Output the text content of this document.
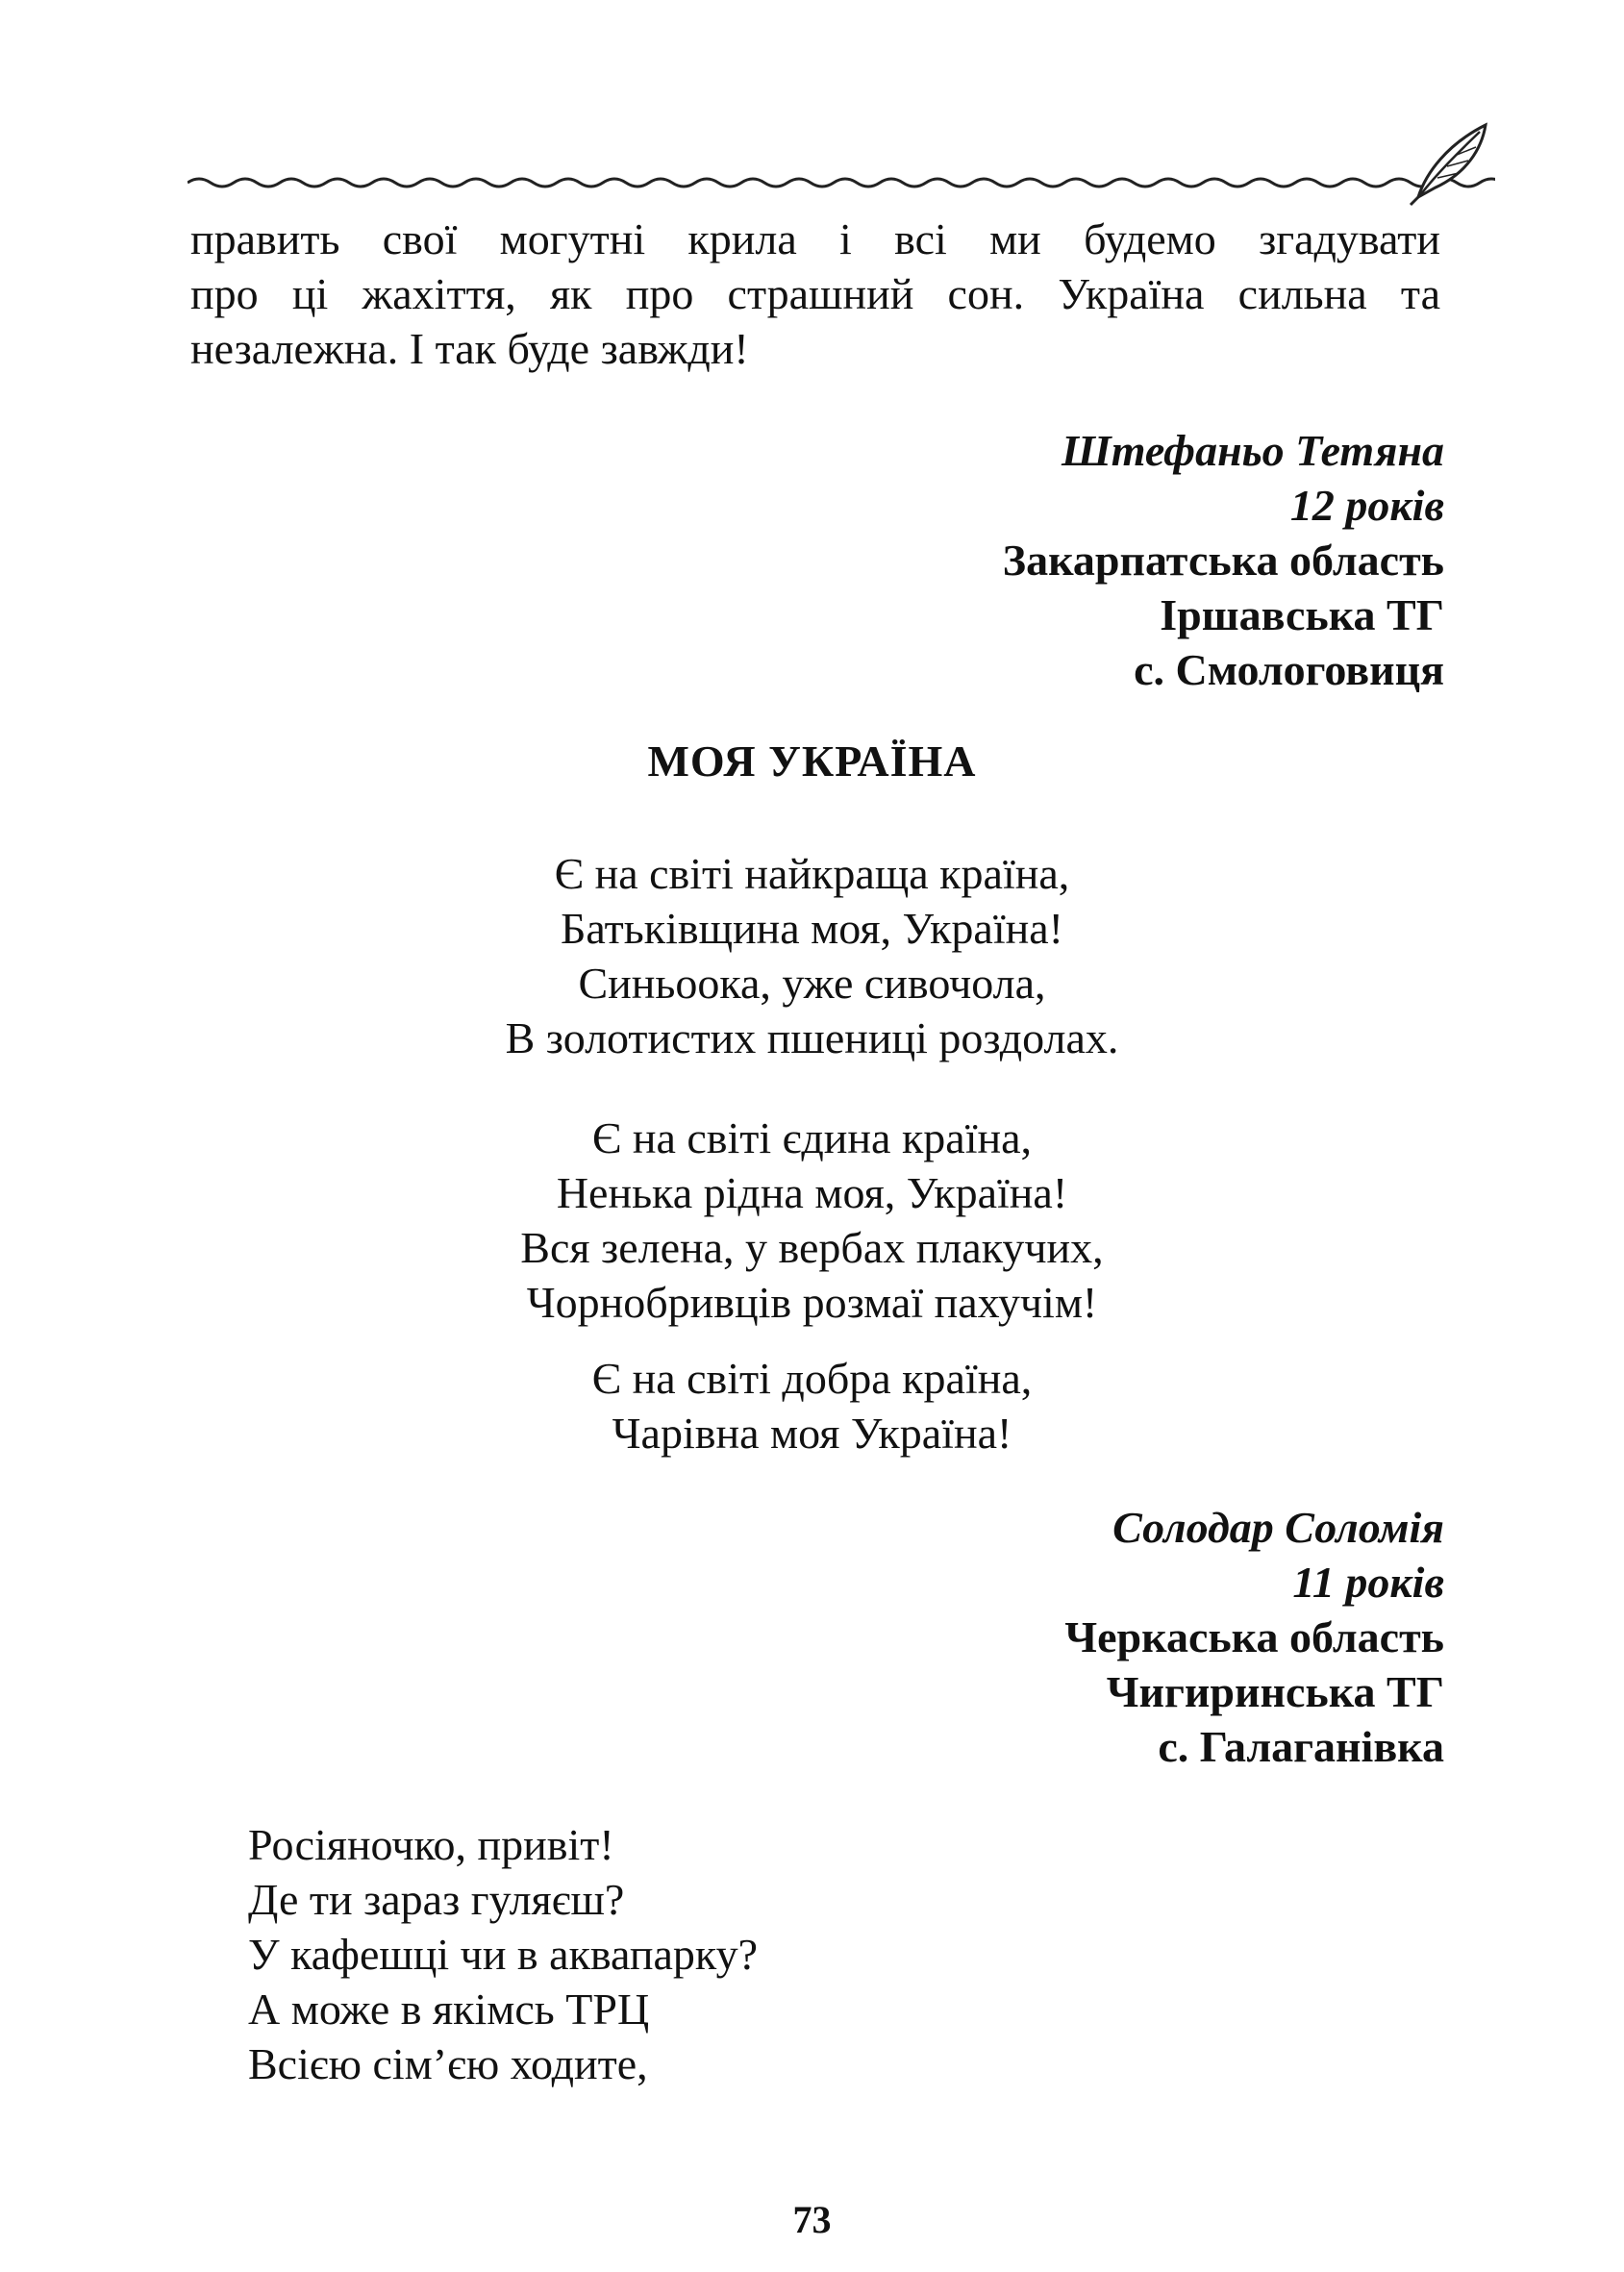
править свої могутні крила і всі ми будемо згадувати
про ці жахіття, як про страшний сон. Україна сильна та
незалежна. І так буде завжди!
Штефаньо Тетяна
12 років
Закарпатська область
Іршавська ТГ
с. Смологовиця
МОЯ УКРАЇНА
Є на світі найкраща країна,
Батьківщина моя, Україна!
Синьоока, уже сивочола,
В золотистих пшениці роздолах.
Є на світі єдина країна,
Ненька рідна моя, Україна!
Вся зелена, у вербах плакучих,
Чорнобривців розмаї пахучім!
Є на світі добра країна,
Чарівна моя Україна!
Солодар Соломія
11 років
Черкаська область
Чигиринська ТГ
с. Галаганівка
Росіяночко, привіт!
Де ти зараз гуляєш?
У кафешці чи в аквапарку?
А може в якімсь ТРЦ
Всією сім’єю ходите,
73
